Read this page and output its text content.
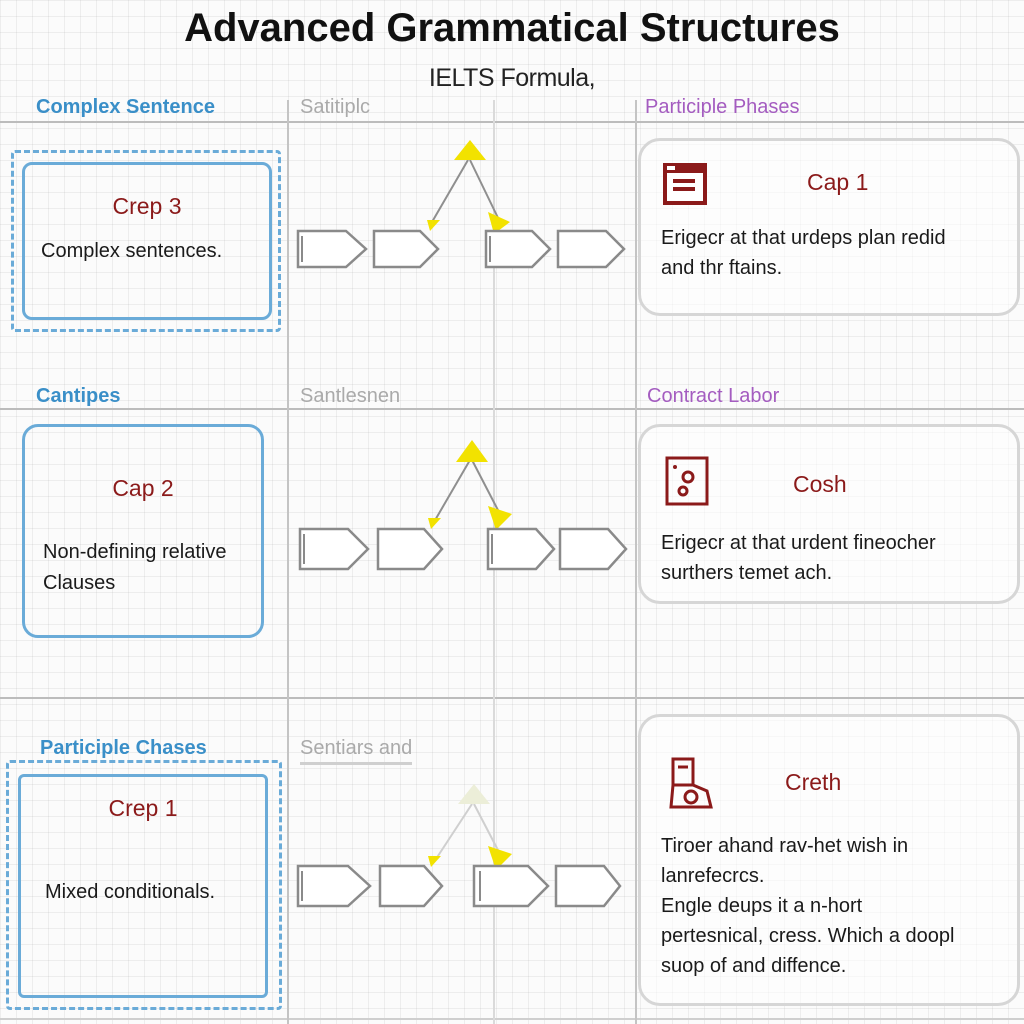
Advanced Grammatical Structures
IELTS Formula,
Complex Sentence	Satitiplc	Participle Phases
Crep 3
Complex sentences.
Cap 1
Erigecr at that urdeps plan redid
and thr ftains.
Cantipes	Santlesnen	Contract Labor
Cap 2
Non-defining relative
Clauses
Cosh
Erigecr at that urdent fineocher
surthers temet ach.
Participle Chases	Sentiars and
Crep 1
Mixed conditionals.
Creth
Tiroer ahand rav-het wish in
lanrefecrcs.
Engle deups it a n-hort
pertesnical, cress. Which a doopl
suop of and diffence.
